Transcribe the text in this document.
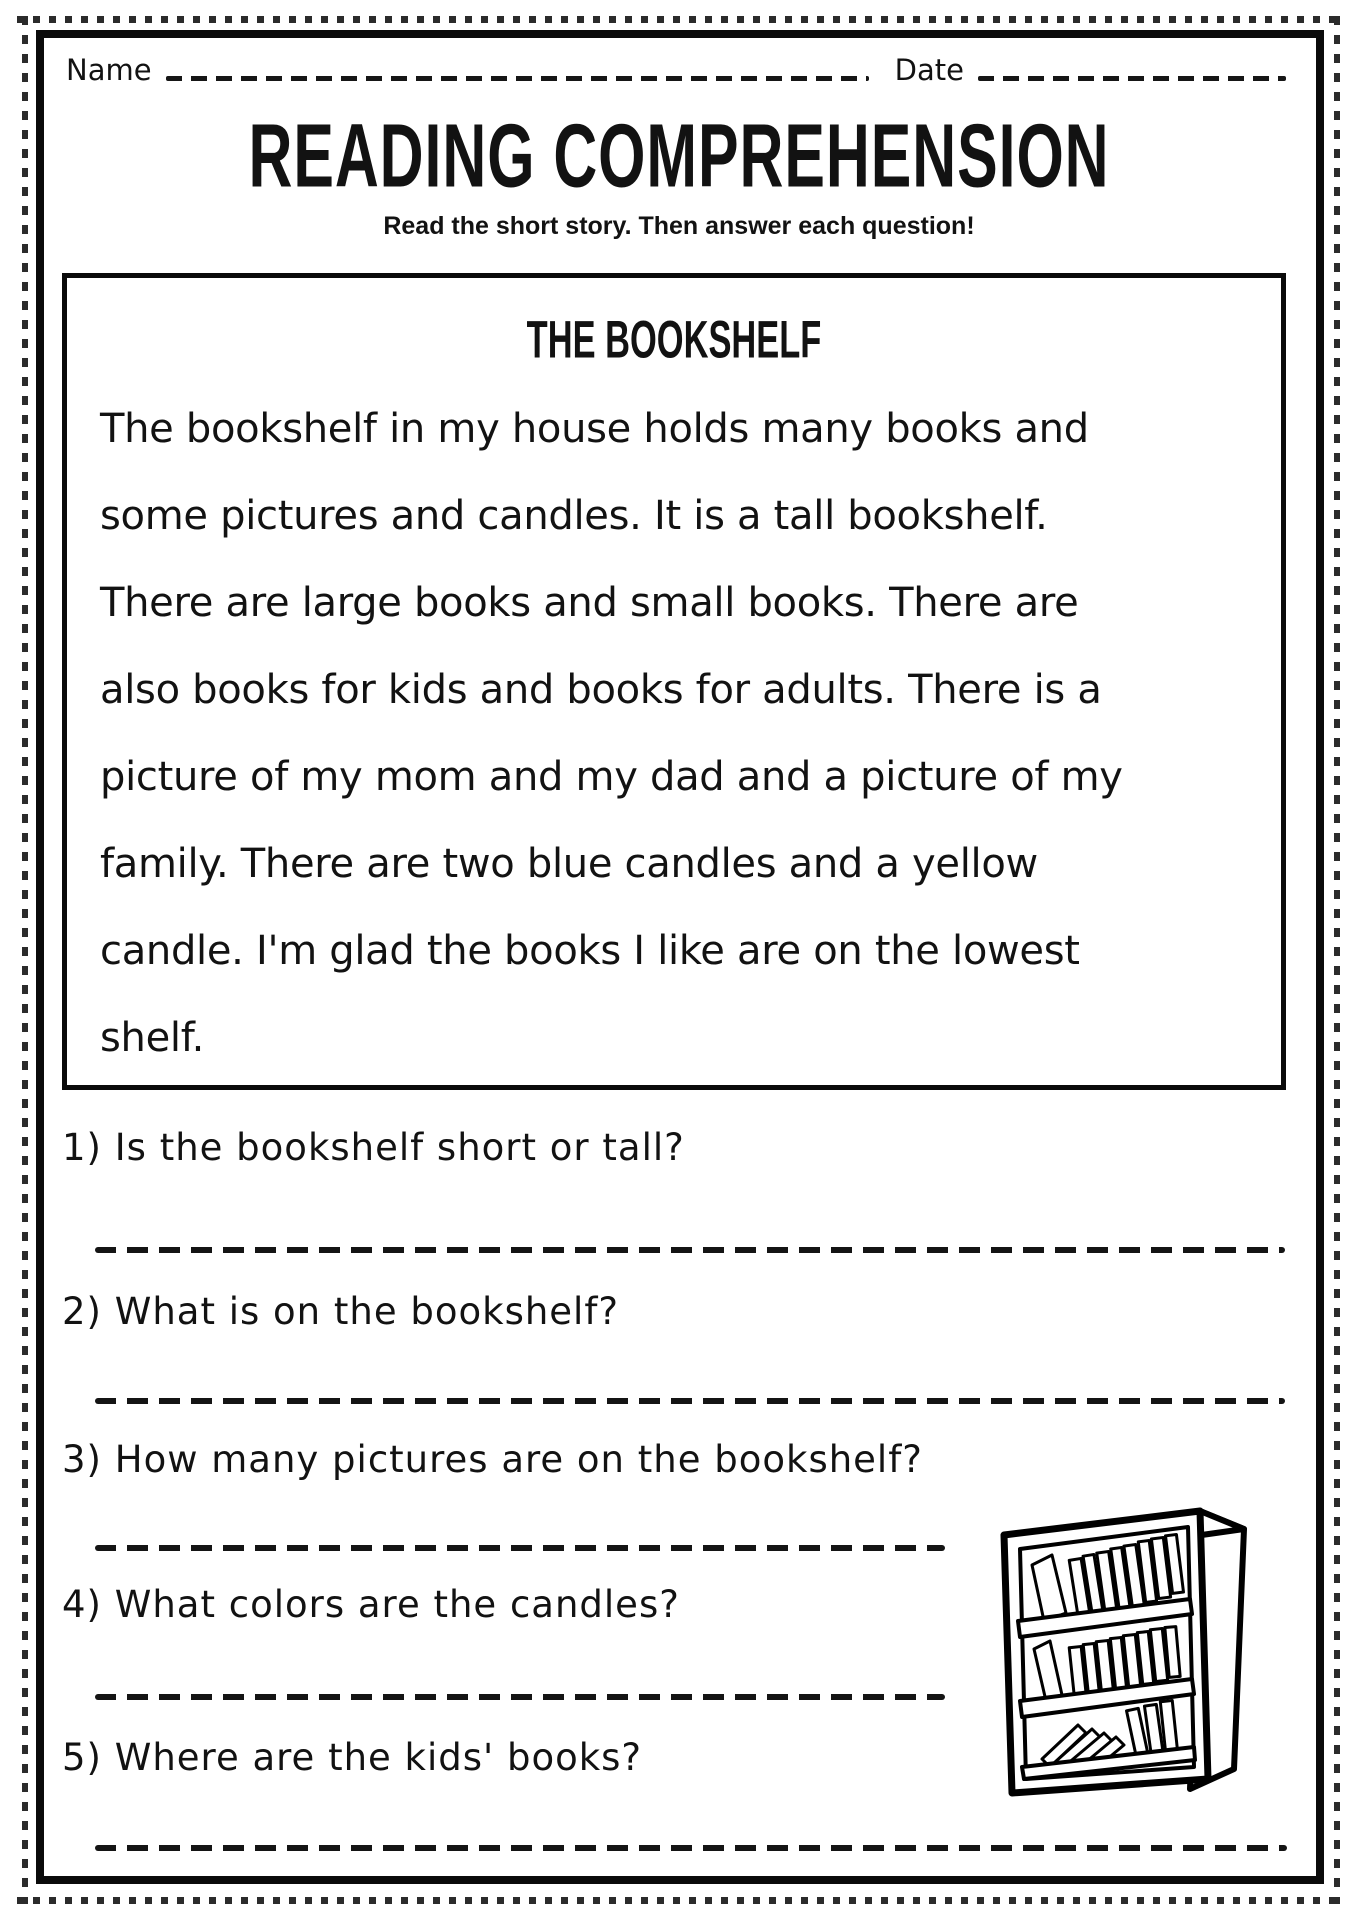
Name	Date
READING COMPREHENSION
Read the short story. Then answer each question!
THE BOOKSHELF
The bookshelf in my house holds many books and
some pictures and candles. It is a tall bookshelf.
There are large books and small books. There are
also books for kids and books for adults. There is a
picture of my mom and my dad and a picture of my
family. There are two blue candles and a yellow
candle. I'm glad the books I like are on the lowest
shelf.
1) Is the bookshelf short or tall?
2) What is on the bookshelf?
3) How many pictures are on the bookshelf?
4) What colors are the candles?
5) Where are the kids' books?
